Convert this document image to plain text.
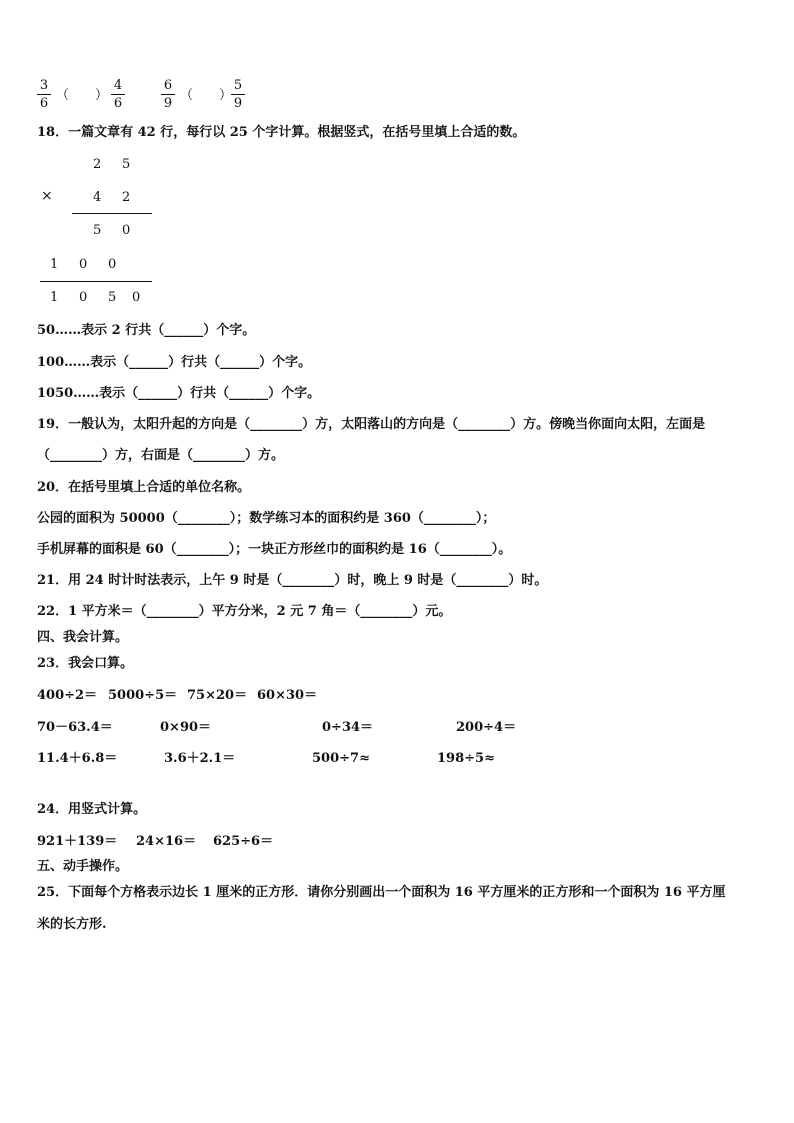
3
6
（　　）
4
6
6
9
（　　）
5
9
18．一篇文章有 42 行，每行以 25 个字计算。根据竖式，在括号里填上合适的数。
2 5
×	4 2
5 0
1 0 0
1 0 5 0
50……表示 2 行共（______）个字。
100……表示（______）行共（______）个字。
1050……表示（______）行共（______）个字。
19．一般认为，太阳升起的方向是（________）方，太阳落山的方向是（________）方。傍晚当你面向太阳，左面是
（________）方，右面是（________）方。
20．在括号里填上合适的单位名称。
公园的面积为 50000（________）；数学练习本的面积约是 360（________）；
手机屏幕的面积是 60（________）；一块正方形丝巾的面积约是 16（________）。
21．用 24 时计时法表示，上午 9 时是（________）时，晚上 9 时是（________）时。
22．1 平方米＝（________）平方分米，2 元 7 角＝（________）元。
四、我会计算。
23．我会口算。
400÷2＝ 5000÷5＝ 75×20＝ 60×30＝
70－63.4＝	0×90＝	0÷34＝	200÷4＝
11.4＋6.8＝	3.6＋2.1＝	500÷7≈	198÷5≈
24．用竖式计算。
921＋139＝ 24×16＝ 625÷6＝
五、动手操作。
25．下面每个方格表示边长 1 厘米的正方形．请你分别画出一个面积为 16 平方厘米的正方形和一个面积为 16 平方厘
米的长方形.
